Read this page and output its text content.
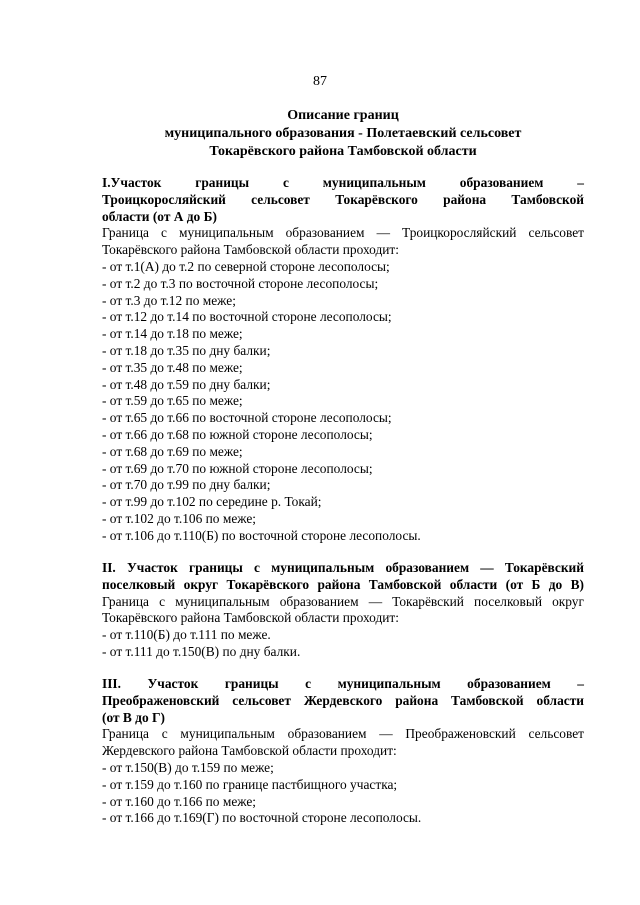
87
Описание границ
муниципального образования - Полетаевский сельсовет
Токарёвского района Тамбовской области
I.Участок границы с муниципальным образованием –
Троицкоросляйский сельсовет Токарёвского района Тамбовской
области (от А до Б)
Граница с муниципальным образованием — Троицкоросляйский сельсовет
Токарёвского района Тамбовской области проходит:
- от т.1(А) до т.2 по северной стороне лесополосы;
- от т.2 до т.3 по восточной стороне лесополосы;
- от т.3 до т.12 по меже;
- от т.12 до т.14 по восточной стороне лесополосы;
- от т.14 до т.18 по меже;
- от т.18 до т.35 по дну балки;
- от т.35 до т.48 по меже;
- от т.48 до т.59 по дну балки;
- от т.59 до т.65 по меже;
- от т.65 до т.66 по восточной стороне лесополосы;
- от т.66 до т.68 по южной стороне лесополосы;
- от т.68 до т.69 по меже;
- от т.69 до т.70 по южной стороне лесополосы;
- от т.70 до т.99 по дну балки;
- от т.99 до т.102 по середине р. Токай;
- от т.102 до т.106 по меже;
- от т.106 до т.110(Б) по восточной стороне лесополосы.
II. Участок границы с муниципальным образованием — Токарёвский
поселковый округ Токарёвского района Тамбовской области (от Б до В)
Граница с муниципальным образованием — Токарёвский поселковый округ
Токарёвского района Тамбовской области проходит:
- от т.110(Б) до т.111 по меже.
- от т.111 до т.150(В) по дну балки.
III. Участок границы с муниципальным образованием –
Преображеновский сельсовет Жердевского района Тамбовской области
(от В до Г)
Граница с муниципальным образованием — Преображеновский сельсовет
Жердевского района Тамбовской области проходит:
- от т.150(В) до т.159 по меже;
- от т.159 до т.160 по границе пастбищного участка;
- от т.160 до т.166 по меже;
- от т.166 до т.169(Г) по восточной стороне лесополосы.
